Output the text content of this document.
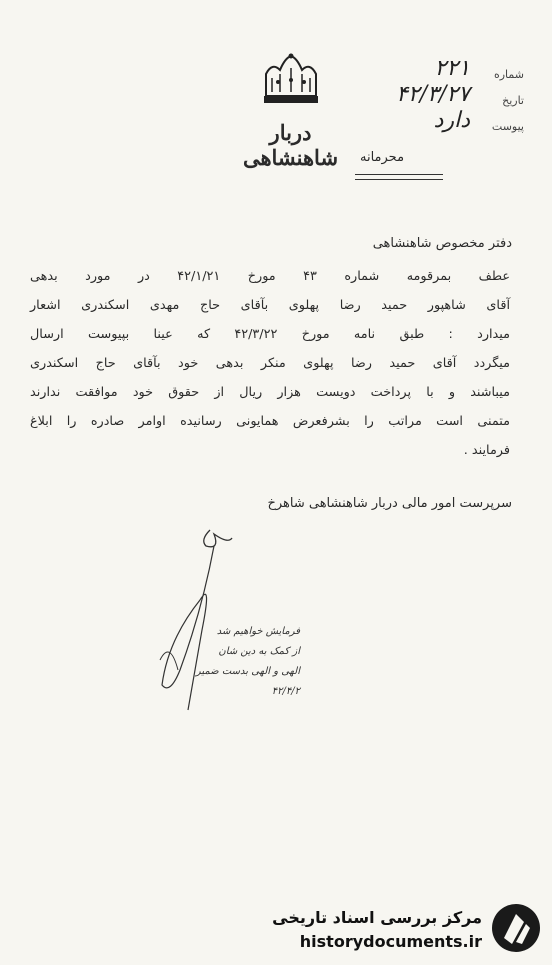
دربار شاهنشاهی
شماره
۲۲۱
تاریخ
۴۲/۳/۲۷
پیوست
دارد
محرمانه
دفتر مخصوص شاهنشاهی
عطف بمرقومه شماره ۴۳ مورخ ۴۲/۱/۲۱ در مورد بدهی
آقای شاهپور حمید رضا پهلوی بآقای حاج مهدی اسکندری اشعار
میدارد : طبق نامه مورخ ۴۲/۳/۲۲ که عینا بپیوست ارسال
میگردد آقای حمید رضا پهلوی منکر بدهی خود بآقای حاج اسکندری
میباشند و با پرداخت دویست هزار ریال از حقوق خود موافقت ندارند
متمنی است مراتب را بشرفعرض همایونی رسانیده اوامر صادره را ابلاغ
فرمایند .
سرپرست امور مالی دربار شاهنشاهی شاهرخ
فرمایش خواهیم شد
از کمک به دین شان
الهی و الهی بدست ضمیر
۴۲/۴/۲
مرکز بررسی اسناد تاریخی
historydocuments.ir
